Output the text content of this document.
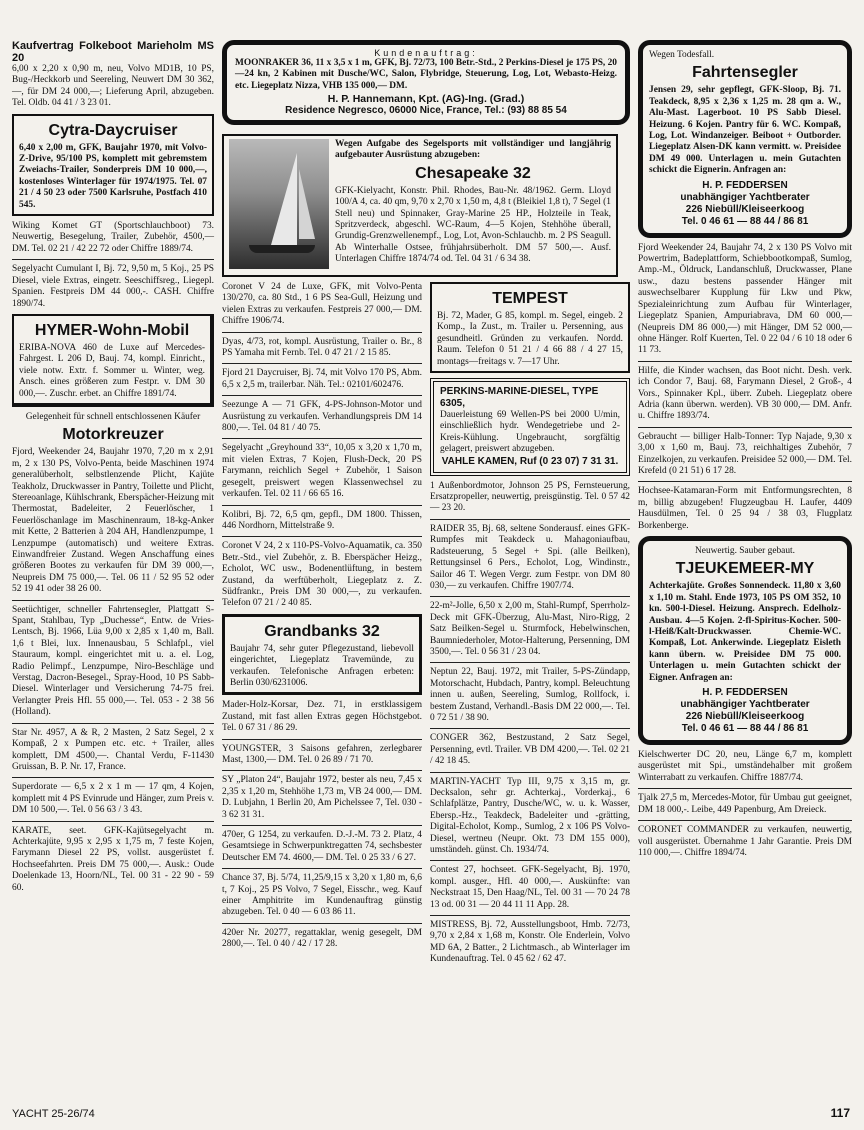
Kundenauftrag:
MOONRAKER 36, 11 x 3,5 x 1 m, GFK, Bj. 72/73, 100 Betr.-Std., 2 Perkins-Diesel je 175 PS, 20—24 kn, 2 Kabinen mit Dusche/WC, Salon, Flybridge, Steuerung, Log, Lot, Webasto-Heizg. etc. Liegeplatz Nizza, VHB 135 000,— DM.
H. P. Hannemann, Kpt. (AG)-Ing. (Grad.)
Residence Negresco, 06000 Nice, France, Tel.: (93) 88 85 54
Kaufvertrag Folkeboot Marieholm MS 20
6,00 x 2,20 x 0,90 m, neu, Volvo MD1B, 10 PS, Bug-/Heckkorb und Seereling, Neuwert DM 30 362,—, für DM 24 000,—; Lieferung April, abzugeben. Tel. Oldb. 04 41 / 3 23 01.
Cytra-Daycruiser
6,40 x 2,00 m, GFK, Baujahr 1970, mit Volvo-Z-Drive, 95/100 PS, komplett mit gebremstem Zweiachs-Trailer, Sonderpreis DM 10 000,—, kostenloses Winterlager für 1974/1975. Tel. 07 21 / 4 50 23 oder 7500 Karlsruhe, Postfach 410 545.
Wiking Komet GT (Sportschlauchboot) 73. Neuwertig, Besegelung, Trailer, Zubehör, 4500,— DM. Tel. 02 21 / 42 22 72 oder Chiffre 1889/74.
Segelyacht Cumulant I, Bj. 72, 9,50 m, 5 Koj., 25 PS Diesel, viele Extras, eingetr. Seeschiffsreg., Liegepl. Spanien. Festpreis DM 44 000,-. CASH. Chiffre 1890/74.
HYMER-Wohn-Mobil
ERIBA-NOVA 460 de Luxe auf Mercedes-Fahrgest. L 206 D, Bauj. 74, kompl. Einricht., viele notw. Extr. f. Sommer u. Winter, weg. Ansch. eines größeren zum Festpr. v. DM 30 000,—. Zuschr. erbet. an Chiffre 1891/74.
Gelegenheit für schnell entschlossenen Käufer
Motorkreuzer
Fjord, Weekender 24, Baujahr 1970, 7,20 m x 2,91 m, 2 x 130 PS, Volvo-Penta, beide Maschinen 1974 generalüberholt, selbstlenzende Plicht, Kajüte Teakholz, Druckwasser in Pantry, Toilette und Plicht, Stereoanlage, Kühlschrank, Eberspächer-Heizung mit Thermostat, Badeleiter, 2 Feuerlöscher, 1 Feuerlöschanlage im Maschinenraum, 18-kg-Anker mit Kette, 2 Batterien à 204 AH, Handlenzpumpe, 1 Lenzpumpe (automatisch) und weitere Extras. Einwandfreier Zustand. Wegen Anschaffung eines größeren Bootes zu verkaufen für DM 39 000,—, Neupreis DM 75 000,—. Tel. 06 11 / 52 95 52 oder 52 19 41 oder 38 26 00.
Seetüchtiger, schneller Fahrtensegler, Plattgatt S-Spant, Stahlbau, Typ „Duchesse“, Entw. de Vries-Lentsch, Bj. 1966, Lüa 9,00 x 2,85 x 1,40 m, Ball. 1,6 t Blei, lux. Innenausbau, 5 Schlafpl., viel Stauraum, kompl. eingerichtet mit u. a. el. Log, Radio Pelimpf., Lenzpumpe, Niro-Beschläge und Verstag, Dacron-Besegel., Spray-Hood, 10 PS Sabb-Diesel. Winterlager und Versicherung 74-75 frei. Verlangter Preis Hfl. 55 000,—. Tel. 053 - 2 38 56 (Holland).
Star Nr. 4957, A & R, 2 Masten, 2 Satz Segel, 2 x Kompaß, 2 x Pumpen etc. etc. + Trailer, alles komplett, DM 4500,—. Chantal Verdu, F-11430 Gruissan, B. P. Nr. 17, France.
Superdorate — 6,5 x 2 x 1 m — 17 qm, 4 Kojen, komplett mit 4 PS Evinrude und Hänger, zum Preis v. DM 10 500,—. Tel. 0 56 63 / 3 43.
KARATE, seet. GFK-Kajütsegelyacht m. Achterkajüte, 9,95 x 2,95 x 1,75 m, 7 feste Kojen, Farymann Diesel 22 PS, vollst. ausgerüstet f. Hochseefahrten. Preis DM 75 000,—. Ausk.: Oude Doelenkade 13, Hoorn/NL, Tel. 00 31 - 22 90 - 59 60.
Wegen Aufgabe des Segelsports mit vollständiger und langjährig aufgebauter Ausrüstung abzugeben:
Chesapeake 32
GFK-Kielyacht, Konstr. Phil. Rhodes, Bau-Nr. 48/1962. Germ. Lloyd 100/A 4, ca. 40 qm, 9,70 x 2,70 x 1,50 m, 4,8 t (Bleikiel 1,8 t), 7 Segel (1 Stell neu) und Spinnaker, Gray-Marine 25 HP., Holzteile in Teak, Spritzverdeck, abgeschl. WC-Raum, 4—5 Kojen, Stehhöhe überall, Grundig-Grenzwellenempf., Log, Lot, Avon-Schlauchb. m. 2 PS Seagull. Ab Winterhalle Ostsee, frühjahrsüberholt. DM 57 500,—. Ausf. Unterlagen Chiffre 1874/74 od. Tel. 04 31 / 6 34 38.
Coronet V 24 de Luxe, GFK, mit Volvo-Penta 130/270, ca. 80 Std., 1 6 PS Sea-Gull, Heizung und vielen Extras zu verkaufen. Festpreis 27 000,— DM. Chiffre 1906/74.
Dyas, 4/73, rot, kompl. Ausrüstung, Trailer o. Br., 8 PS Yamaha mit Fernb. Tel. 0 47 21 / 2 15 85.
Fjord 21 Daycruiser, Bj. 74, mit Volvo 170 PS, Abm. 6,5 x 2,5 m, trailerbar. Näh. Tel.: 02101/602476.
Seezunge A — 71 GFK, 4-PS-Johnson-Motor und Ausrüstung zu verkaufen. Verhandlungspreis DM 14 800,—. Tel. 04 81 / 40 75.
Segelyacht „Greyhound 33“, 10,05 x 3,20 x 1,70 m, mit vielen Extras, 7 Kojen, Flush-Deck, 20 PS Farymann, reichlich Segel + Zubehör, 1 Saison gesegelt, preiswert wegen Klassenwechsel zu verkaufen. Tel. 02 11 / 66 65 16.
Kolibri, Bj. 72, 6,5 qm, gepfl., DM 1800. Thissen, 446 Nordhorn, Mittelstraße 9.
Coronet V 24, 2 x 110-PS-Volvo-Aquamatik, ca. 350 Betr.-Std., viel Zubehör, z. B. Eberspächer Heizg., Echolot, WC usw., Bodenentlüftung, in bestem Zustand, da werftüberholt, Liegeplatz z. Z. Südfrankr., Preis DM 30 000,—, zu verkaufen. Telefon 07 21 / 2 40 85.
Grandbanks 32
Baujahr 74, sehr guter Pflegezustand, liebevoll eingerichtet, Liegeplatz Travemünde, zu verkaufen. Telefonische Anfragen erbeten: Berlin 030/6231006.
Mader-Holz-Korsar, Dez. 71, in erstklassigem Zustand, mit fast allen Extras gegen Höchstgebot. Tel. 0 67 31 / 86 29.
YOUNGSTER, 3 Saisons gefahren, zerlegbarer Mast, 1300,— DM. Tel. 0 26 89 / 71 70.
SY „Platon 24“, Baujahr 1972, bester als neu, 7,45 x 2,35 x 1,20 m, Stehhöhe 1,73 m, VB 24 000,— DM. D. Lubjahn, 1 Berlin 20, Am Pichelssee 7, Tel. 030 - 3 62 31 31.
470er, G 1254, zu verkaufen. D.-J.-M. 73 2. Platz, 4 Gesamtsiege in Schwerpunktregatten 74, sechsbester Deutscher EM 74. 4600,— DM. Tel. 0 25 33 / 6 27.
Chance 37, Bj. 5/74, 11,25/9,15 x 3,20 x 1,80 m, 6,6 t, 7 Koj., 25 PS Volvo, 7 Segel, Eisschr., weg. Kauf einer Amphitrite im Kundenauftrag günstig abzugeben. Tel. 0 40 — 6 03 86 11.
420er Nr. 20277, regattaklar, wenig gesegelt, DM 2800,—. Tel. 0 40 / 42 / 17 28.
TEMPEST
Bj. 72, Mader, G 85, kompl. m. Segel, eingeb. 2 Komp., Ia Zust., m. Trailer u. Persenning, aus gesundheitl. Gründen zu verkaufen. Nordd. Raum. Telefon 0 51 21 / 4 66 88 / 4 27 15, montags—freitags v. 7—17 Uhr.
PERKINS-MARINE-DIESEL, TYPE 6305,
Dauerleistung 69 Wellen-PS bei 2000 U/min, einschließlich hydr. Wendegetriebe und 2-Kreis-Kühlung. Ungebraucht, sorgfältig gelagert, preiswert abzugeben.
VAHLE KAMEN, Ruf (0 23 07) 7 31 31.
1 Außenbordmotor, Johnson 25 PS, Fernsteuerung, Ersatzpropeller, neuwertig, preisgünstig. Tel. 0 57 42 — 23 20.
RAIDER 35, Bj. 68, seltene Sonderausf. eines GFK-Rumpfes mit Teakdeck u. Mahagoniaufbau, Radsteuerung, 5 Segel + Spi. (alle Beilken), Rettungsinsel 6 Pers., Echolot, Log, Windinstr., Sailor 46 T. Wegen Vergr. zum Festpr. von DM 80 030,— zu verkaufen. Chiffre 1907/74.
22-m²-Jolle, 6,50 x 2,00 m, Stahl-Rumpf, Sperrholz-Deck mit GFK-Überzug, Alu-Mast, Niro-Rigg, 2 Satz Beilken-Segel u. Sturmfock, Hebelwinschen, Baumniederholer, Motor-Halterung, Persenning, DM 3500,—. Tel. 0 56 31 / 23 04.
Neptun 22, Bauj. 1972, mit Trailer, 5-PS-Zündapp, Motorschacht, Hubdach, Pantry, kompl. Beleuchtung innen u. außen, Seereling, Sumlog, Rollfock, i. bestem Zustand, Verhandl.-Basis DM 22 000,—. Tel. 0 72 51 / 38 90.
CONGER 362, Bestzustand, 2 Satz Segel, Persenning, evtl. Trailer. VB DM 4200,—. Tel. 02 21 / 42 18 45.
MARTIN-YACHT Typ III, 9,75 x 3,15 m, gr. Decksalon, sehr gr. Achterkaj., Vorderkaj., 6 Schlafplätze, Pantry, Dusche/WC, w. u. k. Wasser, Ebersp.-Hz., Teakdeck, Badeleiter und -grätting, Digital-Echolot, Komp., Sumlog, 2 x 106 PS Volvo-Diesel, wertneu (Neupr. Okt. 73 DM 155 000), umständeh. günst. Ch. 1934/74.
Contest 27, hochseet. GFK-Segelyacht, Bj. 1970, kompl. ausger., Hfl. 40 000,—. Auskünfte: van Neckstraat 15, Den Haag/NL, Tel. 00 31 — 70 24 78 13 od. 00 31 — 20 44 11 11 App. 28.
MISTRESS, Bj. 72, Ausstellungsboot, Hmb. 72/73, 9,70 x 2,84 x 1,68 m, Konstr. Ole Enderlein, Volvo MD 6A, 2 Batter., 2 Lichtmasch., ab Winterlager im Kundenauftrag. Tel. 0 45 62 / 62 47.
Wegen Todesfall.
Fahrtensegler
Jensen 29, sehr gepflegt, GFK-Sloop, Bj. 71. Teakdeck, 8,95 x 2,36 x 1,25 m. 28 qm a. W., Alu-Mast. Lagerboot. 10 PS Sabb Diesel. Heizung. 6 Kojen. Pantry für 6. WC. Kompaß, Log, Lot. Windanzeiger. Beiboot + Outborder. Liegeplatz Alsen-DK kann vermitt. w. Preisidee DM 49 000. Unterlagen u. mein Gutachten schickt die Eignerin. Anfragen an:
H. P. FEDDERSEN
unabhängiger Yachtberater
226 Niebüll/Kleiseerkoog
Tel. 0 46 61 — 88 44 / 86 81
Fjord Weekender 24, Baujahr 74, 2 x 130 PS Volvo mit Powertrim, Badeplattform, Schiebbootkompaß, Sumlog, Amp.-M., Öldruck, Landanschluß, Druckwasser, Plane usw., dazu bestens passender Hänger mit auswechselbarer Kupplung für Lkw und Pkw, Spezialeinrichtung zum Aufbau für Winterlager, Liegeplatz Spanien, Ampuriabrava, DM 60 000,— (Neupreis DM 86 000,—) mit Hänger, DM 52 000,— ohne Hänger. Rolf Kuerten, Tel. 0 22 04 / 6 10 18 oder 6 11 73.
Hilfe, die Kinder wachsen, das Boot nicht. Desh. verk. ich Condor 7, Bauj. 68, Farymann Diesel, 2 Groß-, 4 Vors., Spinnaker Kpl., überr. Zubeh. Liegeplatz obere Adria (kann überwn. werden). VB 30 000,— DM. Anfr. u. Chiffre 1893/74.
Gebraucht — billiger Halb-Tonner: Typ Najade, 9,30 x 3,00 x 1,60 m, Bauj. 73, reichhaltiges Zubehör, 7 Einzelkojen, zu verkaufen. Preisidee 52 000,— DM. Tel. Krefeld (0 21 51) 6 17 28.
Hochsee-Katamaran-Form mit Entformungsrechten, 8 m, billig abzugeben! Flugzeugbau H. Laufer, 4409 Hausdülmen, Tel. 0 25 94 / 38 03, Flugplatz Borkenberge.
Neuwertig. Sauber gebaut.
TJEUKEMEER-MY
Achterkajüte. Großes Sonnendeck. 11,80 x 3,60 x 1,10 m. Stahl. Ende 1973, 105 PS OM 352, 10 kn. 500-l-Diesel. Heizung. Ansprech. Edelholz-Ausbau. 4—5 Kojen. 2-fl-Spiritus-Kocher. 500-l-Heiß/Kalt-Druckwasser. Chemie-WC. Kompaß, Lot. Ankerwinde. Liegeplatz Eisleth kann übern. w. Preisidee DM 75 000. Unterlagen u. mein Gutachten schickt der Eigner. Anfragen an:
H. P. FEDDERSEN
unabhängiger Yachtberater
226 Niebüll/Kleiseerkoog
Tel. 0 46 61 — 88 44 / 86 81
Kielschwerter DC 20, neu, Länge 6,7 m, komplett ausgerüstet mit Spi., umständehalber mit großem Winterrabatt zu verkaufen. Chiffre 1887/74.
Tjalk 27,5 m, Mercedes-Motor, für Umbau gut geeignet, DM 18 000,-. Leibe, 449 Papenburg, Am Dreieck.
CORONET COMMANDER zu verkaufen, neuwertig, voll ausgerüstet. Übernahme 1 Jahr Garantie. Preis DM 110 000,—. Chiffre 1894/74.
YACHT 25-26/74	117
